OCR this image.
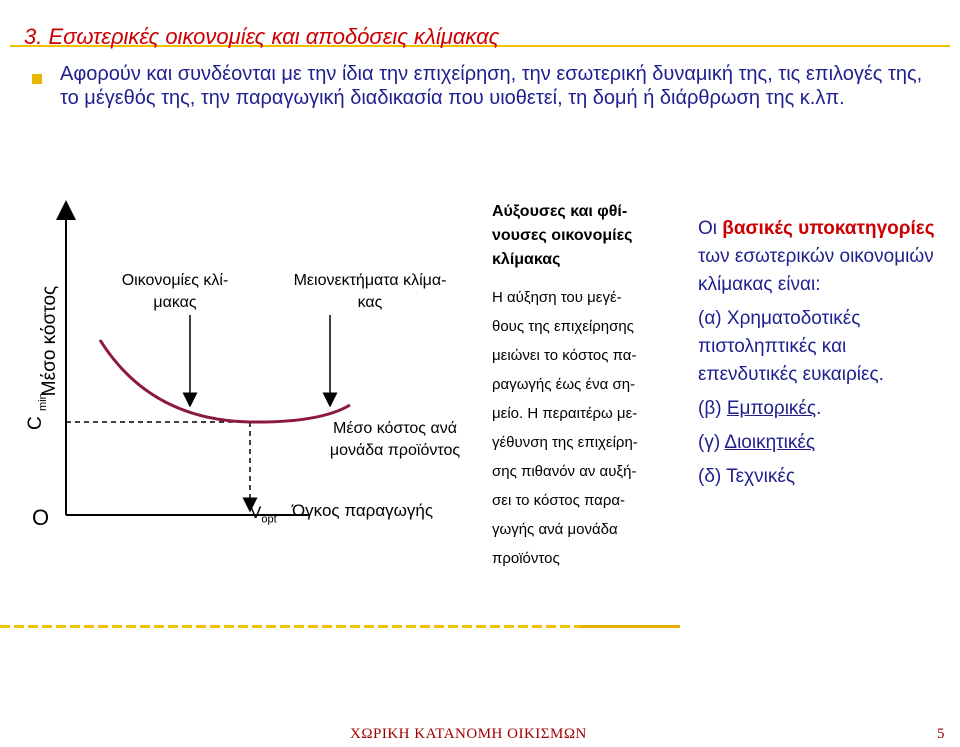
3. Εσωτερικές οικονομίες και αποδόσεις κλίμακας
Αφορούν και συνδέονται με την ίδια την επιχείρηση, την εσωτερική δυναμική της, τις επιλογές της, το μέγεθός της, την παραγωγική διαδικασία που υιοθετεί, τη δομή ή διάρθρωση της κ.λπ.
Μέσο κόστος
C $_{min}$
O
Οικονομίες κλί-
μακας
Μειονεκτήματα κλίμα-
κας
Μέσο κόστος ανά μονάδα προϊόντος
$V_{opt}$ Όγκος παραγωγής
Αύξουσες και φθί-
νουσες οικονομίες κλίμακας
Η αύξηση του μεγέ-
θους της επιχείρησης μειώνει το κόστος πα-
ραγωγής έως ένα ση-
μείο. Η περαιτέρω με-
γέθυνση της επιχείρη-
σης πιθανόν αν αυξή-
σει το κόστος παρα-
γωγής ανά μονάδα προϊόντος
Οι βασικές υποκατηγορίες των εσωτερικών οικονομιών κλίμακας είναι:
(α) Χρηματοδοτικές πιστοληπτικές και επενδυτικές ευκαιρίες.
(β) Εμπορικές.
(γ) Διοικητικές
(δ) Τεχνικές
ΧΩΡΙΚΗ ΚΑΤΑΝΟΜΗ ΟΙΚΙΣΜΩΝ	5
